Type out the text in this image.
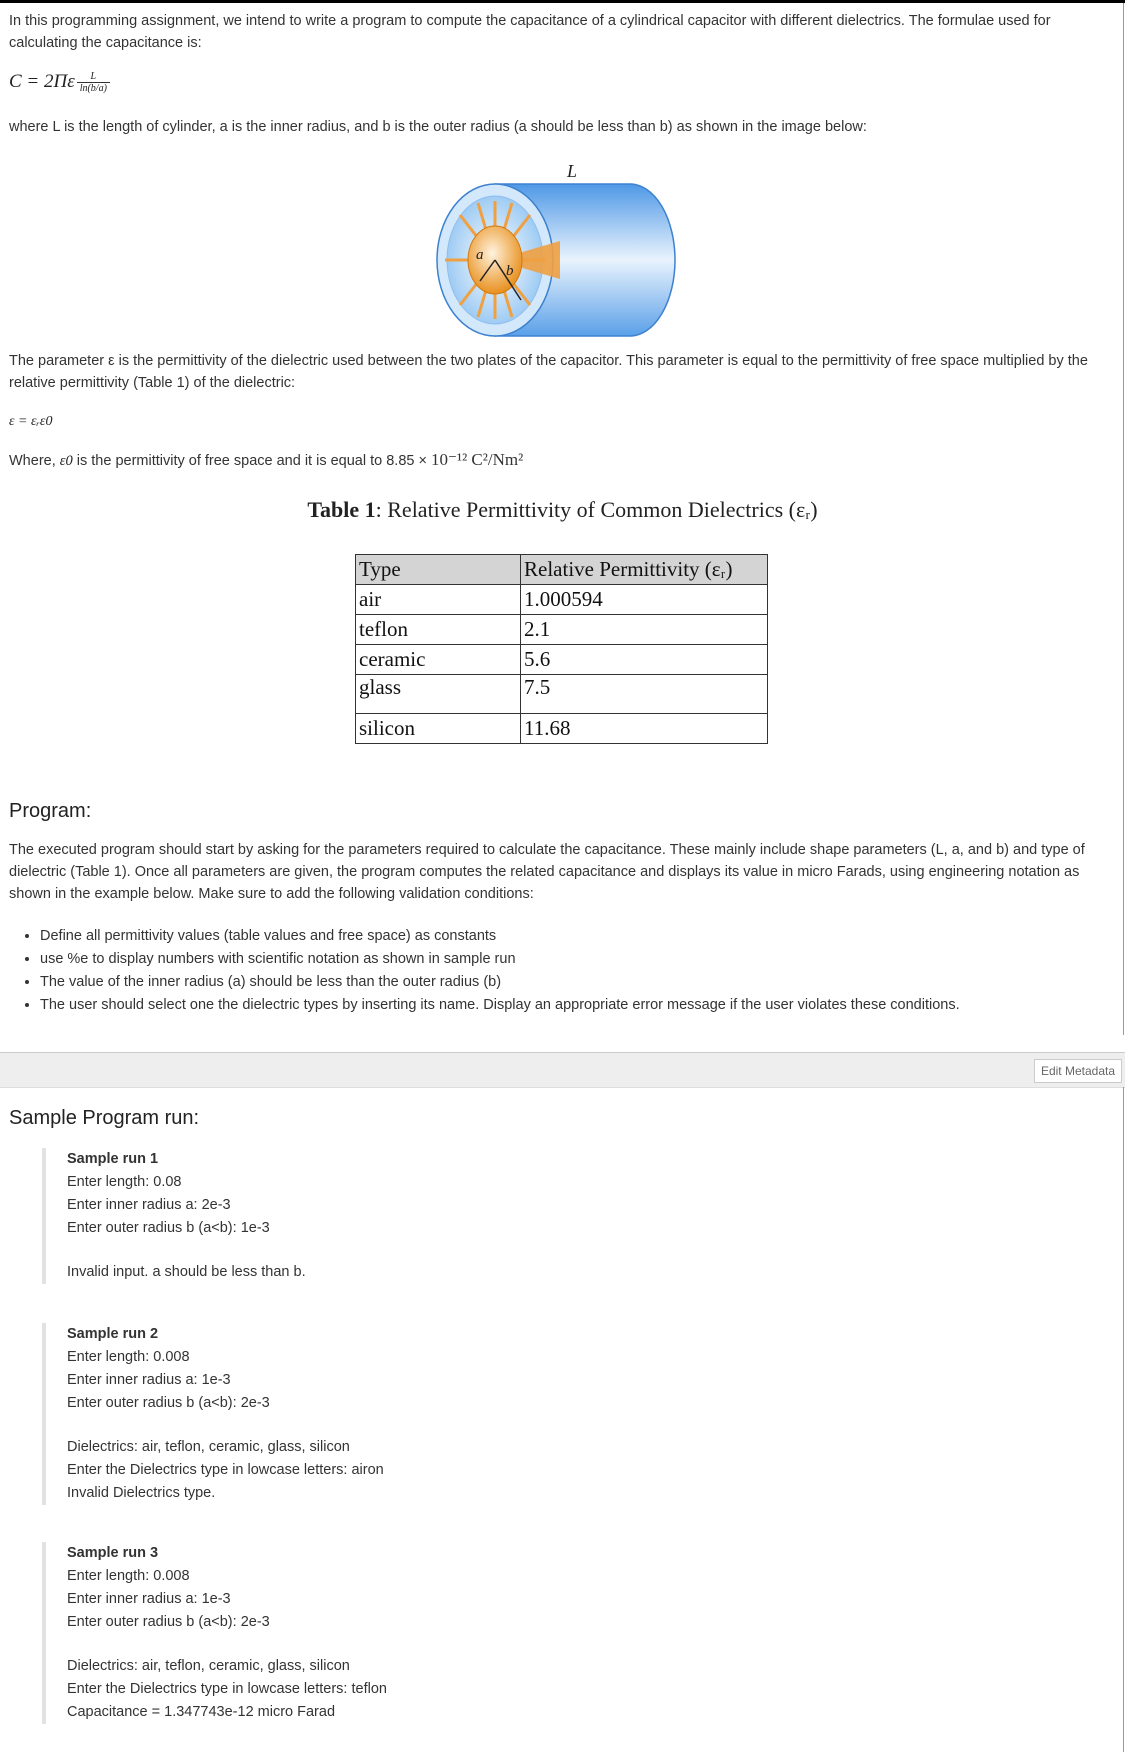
In this programming assignment, we intend to write a program to compute the capacitance of a cylindrical capacitor with different dielectrics. The formulae used for calculating the capacitance is:

$C = 2\Pi\varepsilon \frac{L}{\ln(b/a)}$

where L is the length of cylinder, a is the inner radius, and b is the outer radius (a should be less than b) as shown in the image below:

L
a
b

The parameter ε is the permittivity of the dielectric used between the two plates of the capacitor. This parameter is equal to the permittivity of free space multiplied by the relative permittivity (Table 1) of the dielectric:

ε = εᵣε0

Where, ε0 is the permittivity of free space and it is equal to 8.85 × 10⁻¹² C²/Nm²

Table 1: Relative Permittivity of Common Dielectrics (εᵣ)
Type	Relative Permittivity (εᵣ)
air	1.000594
teflon	2.1
ceramic	5.6
glass	7.5
silicon	11.68
Program:

The executed program should start by asking for the parameters required to calculate the capacitance. These mainly include shape parameters (L, a, and b) and type of dielectric (Table 1). Once all parameters are given, the program computes the related capacitance and displays its value in micro Farads, using engineering notation as shown in the example below. Make sure to add the following validation conditions:

• Define all permittivity values (table values and free space) as constants
• use %e to display numbers with scientific notation as shown in sample run
• The value of the inner radius (a) should be less than the outer radius (b)
• The user should select one the dielectric types by inserting its name. Display an appropriate error message if the user violates these conditions.
Edit Metadata
Sample Program run:
Sample run 1
Enter length: 0.08
Enter inner radius a: 2e-3
Enter outer radius b (a<b): 1e-3
Invalid input. a should be less than b.
Sample run 2
Enter length: 0.008
Enter inner radius a: 1e-3
Enter outer radius b (a<b): 2e-3
Dielectrics: air, teflon, ceramic, glass, silicon
Enter the Dielectrics type in lowcase letters: airon
Invalid Dielectrics type.
Sample run 3
Enter length: 0.008
Enter inner radius a: 1e-3
Enter outer radius b (a<b): 2e-3
Dielectrics: air, teflon, ceramic, glass, silicon
Enter the Dielectrics type in lowcase letters: teflon
Capacitance = 1.347743e-12 micro Farad
